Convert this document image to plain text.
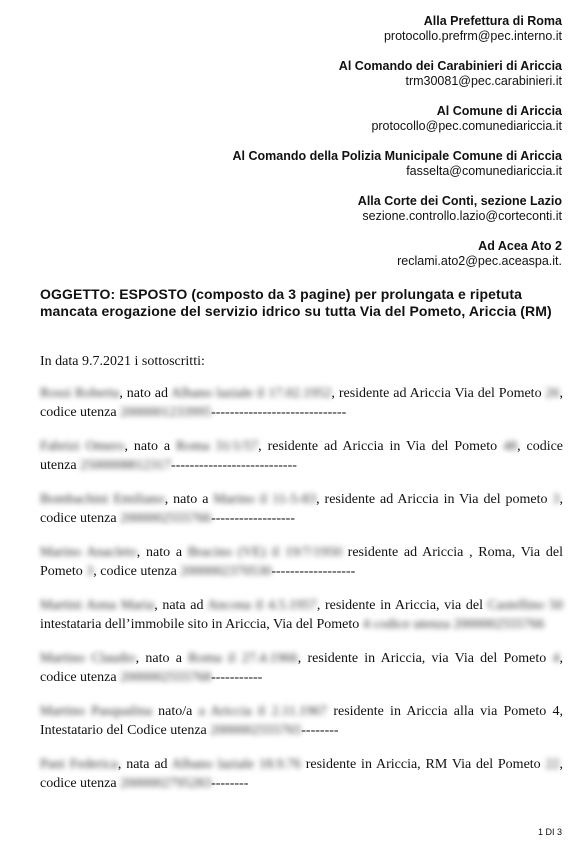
Alla Prefettura di Roma
protocollo.prefrm@pec.interno.it
Al Comando dei Carabinieri di Ariccia
trm30081@pec.carabinieri.it
Al Comune di Ariccia
protocollo@pec.comunediariccia.it
Al Comando della Polizia Municipale Comune di Ariccia
fasselta@comunediariccia.it
Alla Corte dei Conti, sezione Lazio
sezione.controllo.lazio@corteconti.it
Ad Acea Ato 2
reclami.ato2@pec.aceaspa.it.
OGGETTO: ESPOSTO (composto da 3 pagine) per prolungata e ripetuta mancata erogazione del servizio idrico su tutta Via del Pometo, Ariccia (RM)
In data 9.7.2021 i sottoscritti:
Rossi Roberta, nato ad Albano laziale il 17.02.1952, residente ad Ariccia Via del Pometo 26, codice utenza 2000001233995-----------------------------
Fabrizi Omero, nato a Roma 31/1/57, residente ad Ariccia in Via del Pometo 48, codice utenza 2500008812317---------------------------
Bombachini Emiliano, nato a Marino il 11-5-83, residente ad Ariccia in Via del pometo 3, codice utenza 2000002555766------------------
Marino Anacleto, nato a Bracino (VE) il 19/7/1950 residente ad Ariccia , Roma, Via del Pometo 3, codice utenza 2000002370530------------------
Martini Anna Maria, nata ad Ancona il 4.5.1957, residente in Ariccia, via del Castellino 50 intestataria dell’immobile sito in Ariccia, Via del Pometo 4 codice utenza 2000002555766
Martino Claudio, nato a Roma il 27.4.1966, residente in Ariccia, via Via del Pometo 4, codice utenza 2000002555768-----------
Martino Pasqualina nato/a a Ariccia il 2.11.1967 residente in Ariccia alla via Pometo 4, Intestatario del Codice utenza 2000002555765--------
Pani Federica, nata ad Albano laziale 18.9.76 residente in Ariccia, RM Via del Pometo 22, codice utenza 2000002795283--------
1 DI 3
